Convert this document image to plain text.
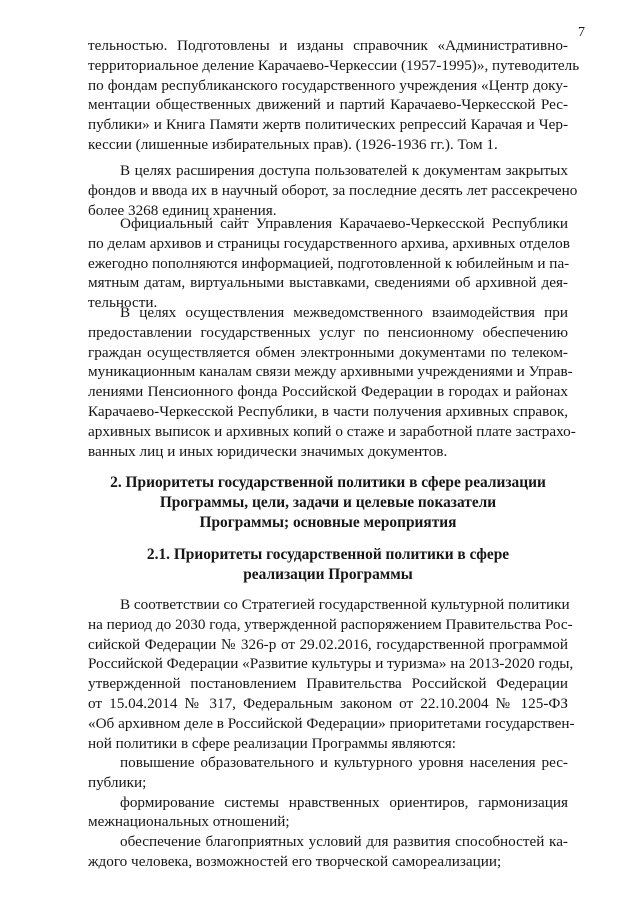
7
тельностью. Подготовлены и изданы справочник «Административно-
территориальное деление Карачаево-Черкессии (1957-1995)», путеводитель
по фондам республиканского государственного учреждения «Центр доку-
ментации общественных движений и партий Карачаево-Черкесской Рес-
публики» и Книга Памяти жертв политических репрессий Карачая и Чер-
кессии (лишенные избирательных прав). (1926-1936 гг.). Том 1.
В целях расширения доступа пользователей к документам закрытых
фондов и ввода их в научный оборот, за последние десять лет рассекречено
более 3268 единиц хранения.
Официальный сайт Управления Карачаево-Черкесской Республики
по делам архивов и страницы государственного архива, архивных отделов
ежегодно пополняются информацией, подготовленной к юбилейным и па-
мятным датам, виртуальными выставками, сведениями об архивной дея-
тельности.
В целях осуществления межведомственного взаимодействия при
предоставлении государственных услуг по пенсионному обеспечению
граждан осуществляется обмен электронными документами по телеком-
муникационным каналам связи между архивными учреждениями и Управ-
лениями Пенсионного фонда Российской Федерации в городах и районах
Карачаево-Черкесской Республики, в части получения архивных справок,
архивных выписок и архивных копий о стаже и заработной плате застрахо-
ванных лиц и иных юридически значимых документов.
2. Приоритеты государственной политики в сфере реализации
Программы, цели, задачи и целевые показатели
Программы; основные мероприятия
2.1. Приоритеты государственной политики в сфере
реализации Программы
В соответствии со Стратегией государственной культурной политики
на период до 2030 года, утвержденной распоряжением Правительства Рос-
сийской Федерации № 326-р от 29.02.2016, государственной программой
Российской Федерации «Развитие культуры и туризма» на 2013-2020 годы,
утвержденной постановлением Правительства Российской Федерации
от 15.04.2014 № 317, Федеральным законом от 22.10.2004 № 125-ФЗ
«Об архивном деле в Российской Федерации» приоритетами государствен-
ной политики в сфере реализации Программы являются:
повышение образовательного и культурного уровня населения рес-
публики;
формирование системы нравственных ориентиров, гармонизация
межнациональных отношений;
обеспечение благоприятных условий для развития способностей ка-
ждого человека, возможностей его творческой самореализации;
